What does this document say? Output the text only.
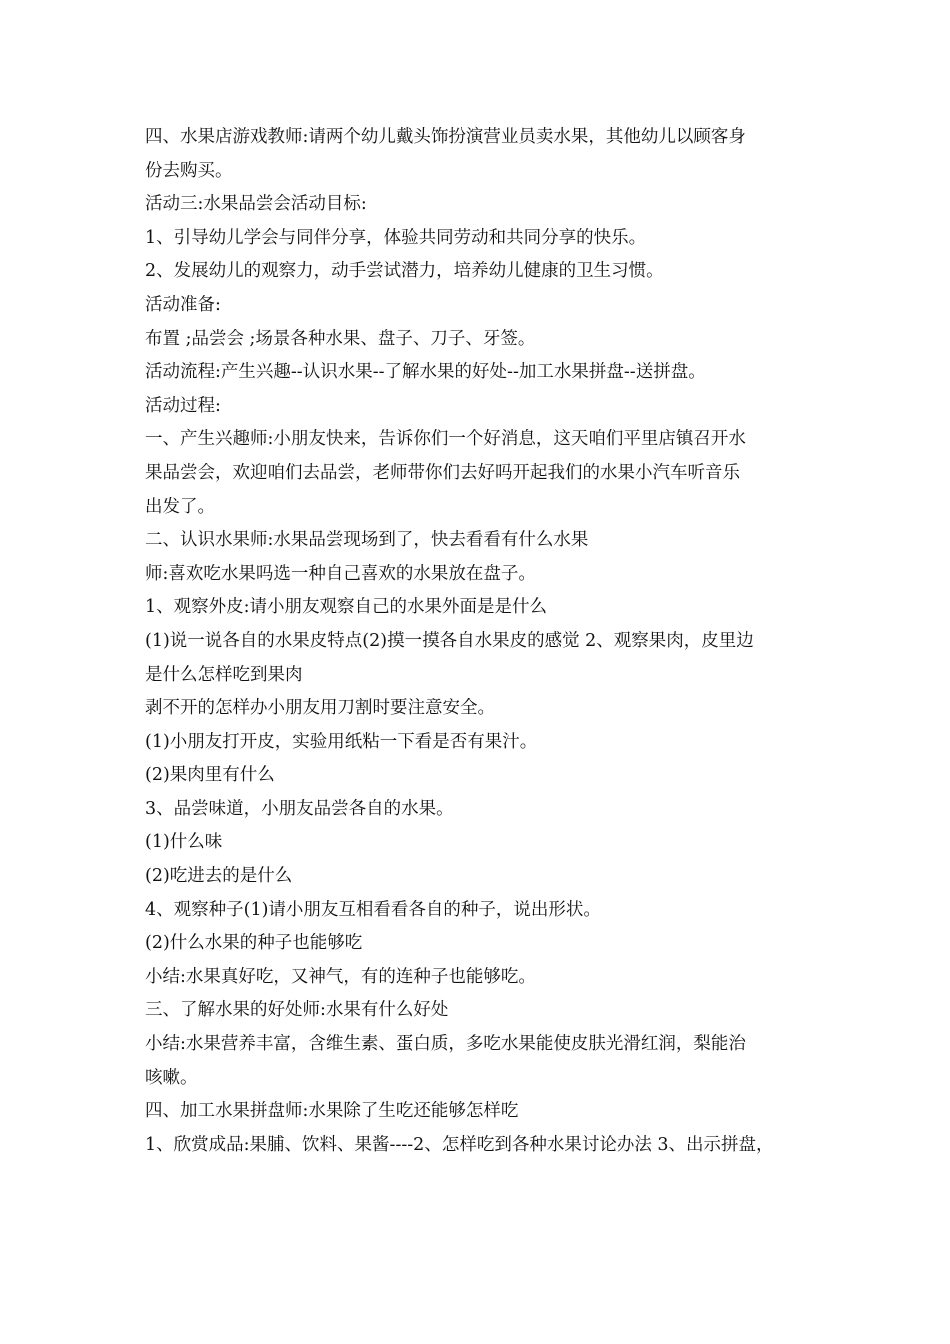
四、水果店游戏教师:请两个幼儿戴头饰扮演营业员卖水果，其他幼儿以顾客身

份去购买。

活动三:水果品尝会活动目标:

1、引导幼儿学会与同伴分享，体验共同劳动和共同分享的快乐。

2、发展幼儿的观察力，动手尝试潜力，培养幼儿健康的卫生习惯。

活动准备:

布置 ;品尝会 ;场景各种水果、盘子、刀子、牙签。

活动流程:产生兴趣--认识水果--了解水果的好处--加工水果拼盘--送拼盘。

活动过程:

一、产生兴趣师:小朋友快来，告诉你们一个好消息，这天咱们平里店镇召开水

果品尝会，欢迎咱们去品尝，老师带你们去好吗开起我们的水果小汽车听音乐

出发了。

二、认识水果师:水果品尝现场到了，快去看看有什么水果

师:喜欢吃水果吗选一种自己喜欢的水果放在盘子。

1、观察外皮:请小朋友观察自己的水果外面是是什么

(1)说一说各自的水果皮特点(2)摸一摸各自水果皮的感觉 2、观察果肉，皮里边

是什么怎样吃到果肉

剥不开的怎样办小朋友用刀割时要注意安全。

(1)小朋友打开皮，实验用纸粘一下看是否有果汁。

(2)果肉里有什么

3、品尝味道，小朋友品尝各自的水果。

(1)什么味

(2)吃进去的是什么

4、观察种子(1)请小朋友互相看看各自的种子，说出形状。

(2)什么水果的种子也能够吃

小结:水果真好吃，又神气，有的连种子也能够吃。

三、了解水果的好处师:水果有什么好处

小结:水果营养丰富，含维生素、蛋白质，多吃水果能使皮肤光滑红润，梨能治

咳嗽。

四、加工水果拼盘师:水果除了生吃还能够怎样吃

1、欣赏成品:果脯、饮料、果酱----2、怎样吃到各种水果讨论办法 3、出示拼盘，
